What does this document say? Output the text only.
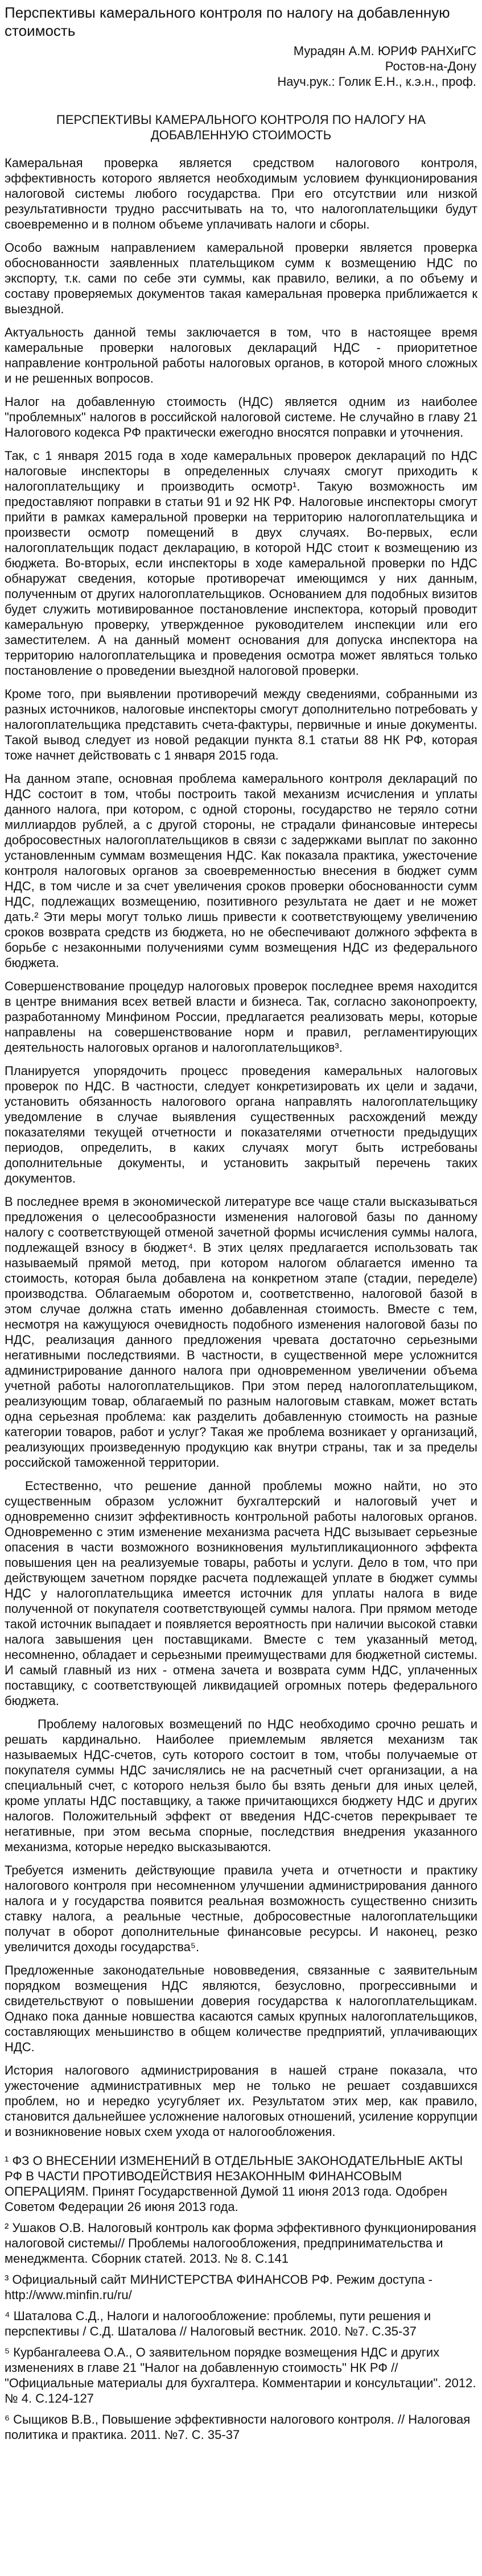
Перспективы камерального контроля по налогу на добавленную стоимость

Мурадян А.М. ЮРИФ РАНХиГС

Ростов-на-Дону

Науч.рук.: Голик Е.Н., к.э.н., проф.

ПЕРСПЕКТИВЫ КАМЕРАЛЬНОГО КОНТРОЛЯ ПО НАЛОГУ НА ДОБАВЛЕННУЮ СТОИМОСТЬ

Камеральная проверка является средством налогового контроля, эффективность которого является необходимым условием функционирования налоговой системы любого государства. При его отсутствии или низкой результативности трудно рассчитывать на то, что налогоплательщики будут своевременно и в полном объеме уплачивать налоги и сборы.

Особо важным направлением камеральной проверки является проверка обоснованности заявленных плательщиком сумм к возмещению НДС по экспорту, т.к. сами по себе эти суммы, как правило, велики, а по объему и составу проверяемых документов такая камеральная проверка приближается к выездной.

Актуальность данной темы заключается в том, что в настоящее время камеральные проверки налоговых деклараций НДС - приоритетное направление контрольной работы налоговых органов, в которой много сложных и не решенных вопросов.

Налог на добавленную стоимость (НДС) является одним из наиболее "проблемных" налогов в российской налоговой системе. Не случайно в главу 21 Налогового кодекса РФ практически ежегодно вносятся поправки и уточнения.

Так, с 1 января 2015 года в ходе камеральных проверок деклараций по НДС налоговые инспекторы в определенных случаях смогут приходить к налогоплательщику и производить осмотр¹. Такую возможность им предоставляют поправки в статьи 91 и 92 НК РФ. Налоговые инспекторы смогут прийти в рамках камеральной проверки на территорию налогоплательщика и произвести осмотр помещений в двух случаях. Во-первых, если налогоплательщик подаст декларацию, в которой НДС стоит к возмещению из бюджета. Во-вторых, если инспекторы в ходе камеральной проверки по НДС обнаружат сведения, которые противоречат имеющимся у них данным, полученным от других налогоплательщиков. Основанием для подобных визитов будет служить мотивированное постановление инспектора, который проводит камеральную проверку, утвержденное руководителем инспекции или его заместителем. А на данный момент основания для допуска инспектора на территорию налогоплательщика и проведения осмотра может являться только постановление о проведении выездной налоговой проверки.

Кроме того, при выявлении противоречий между сведениями, собранными из разных источников, налоговые инспекторы смогут дополнительно потребовать у налогоплательщика представить счета-фактуры, первичные и иные документы. Такой вывод следует из новой редакции пункта 8.1 статьи 88 НК РФ, которая тоже начнет действовать с 1 января 2015 года.

На данном этапе, основная проблема камерального контроля деклараций по НДС состоит в том, чтобы построить такой механизм исчисления и уплаты данного налога, при котором, с одной стороны, государство не теряло сотни миллиардов рублей, а с другой стороны, не страдали финансовые интересы добросовестных налогоплательщиков в связи с задержками выплат по законно установленным суммам возмещения НДС. Как показала практика, ужесточение контроля налоговых органов за своевременностью внесения в бюджет сумм НДС, в том числе и за счет увеличения сроков проверки обоснованности сумм НДС, подлежащих возмещению, позитивного результата не дает и не может дать.² Эти меры могут только лишь привести к соответствующему увеличению сроков возврата средств из бюджета, но не обеспечивают должного эффекта в борьбе с незаконными получениями сумм возмещения НДС из федерального бюджета.

Совершенствование процедур налоговых проверок последнее время находится в центре внимания всех ветвей власти и бизнеса. Так, согласно законопроекту, разработанному Минфином России, предлагается реализовать меры, которые направлены на совершенствование норм и правил, регламентирующих деятельность налоговых органов и налогоплательщиков³.

Планируется упорядочить процесс проведения камеральных налоговых проверок по НДС. В частности, следует конкретизировать их цели и задачи, установить обязанность налогового органа направлять налогоплательщику уведомление в случае выявления существенных расхождений между показателями текущей отчетности и показателями отчетности предыдущих периодов, определить, в каких случаях могут быть истребованы дополнительные документы, и установить закрытый перечень таких документов.

В последнее время в экономической литературе все чаще стали высказываться предложения о целесообразности изменения налоговой базы по данному налогу с соответствующей отменой зачетной формы исчисления суммы налога, подлежащей взносу в бюджет⁴. В этих целях предлагается использовать так называемый прямой метод, при котором налогом облагается именно та стоимость, которая была добавлена на конкретном этапе (стадии, переделе) производства. Облагаемым оборотом и, соответственно, налоговой базой в этом случае должна стать именно добавленная стоимость. Вместе с тем, несмотря на кажущуюся очевидность подобного изменения налоговой базы по НДС, реализация данного предложения чревата достаточно серьезными негативными последствиями. В частности, в существенной мере усложнится администрирование данного налога при одновременном увеличении объема учетной работы налогоплательщиков. При этом перед налогоплательщиком, реализующим товар, облагаемый по разным налоговым ставкам, может встать одна серьезная проблема: как разделить добавленную стоимость на разные категории товаров, работ и услуг? Такая же проблема возникает у организаций, реализующих произведенную продукцию как внутри страны, так и за пределы российской таможенной территории.

Естественно, что решение данной проблемы можно найти, но это существенным образом усложнит бухгалтерский и налоговый учет и одновременно снизит эффективность контрольной работы налоговых органов. Одновременно с этим изменение механизма расчета НДС вызывает серьезные опасения в части возможного возникновения мультипликационного эффекта повышения цен на реализуемые товары, работы и услуги. Дело в том, что при действующем зачетном порядке расчета подлежащей уплате в бюджет суммы НДС у налогоплательщика имеется источник для уплаты налога в виде полученной от покупателя соответствующей суммы налога. При прямом методе такой источник выпадает и появляется вероятность при наличии высокой ставки налога завышения цен поставщиками. Вместе с тем указанный метод, несомненно, обладает и серьезными преимуществами для бюджетной системы. И самый главный из них - отмена зачета и возврата сумм НДС, уплаченных поставщику, с соответствующей ликвидацией огромных потерь федерального бюджета.

Проблему налоговых возмещений по НДС необходимо срочно решать и решать кардинально. Наиболее приемлемым является механизм так называемых НДС-счетов, суть которого состоит в том, чтобы получаемые от покупателя суммы НДС зачислялись не на расчетный счет организации, а на специальный счет, с которого нельзя было бы взять деньги для иных целей, кроме уплаты НДС поставщику, а также причитающихся бюджету НДС и других налогов. Положительный эффект от введения НДС-счетов перекрывает те негативные, при этом весьма спорные, последствия внедрения указанного механизма, которые нередко высказываются.

Требуется изменить действующие правила учета и отчетности и практику налогового контроля при несомненном улучшении администрирования данного налога и у государства появится реальная возможность существенно снизить ставку налога, а реальные честные, добросовестные налогоплательщики получат в оборот дополнительные финансовые ресурсы. И наконец, резко увеличится доходы государства⁵.

Предложенные законодательные нововведения, связанные с заявительным порядком возмещения НДС являются, безусловно, прогрессивными и свидетельствуют о повышении доверия государства к налогоплательщикам. Однако пока данные новшества касаются самых крупных налогоплательщиков, составляющих меньшинство в общем количестве предприятий, уплачивающих НДС.

История налогового администрирования в нашей стране показала, что ужесточение административных мер не только не решает создавшихся проблем, но и нередко усугубляет их. Результатом этих мер, как правило, становится дальнейшее усложнение налоговых отношений, усиление коррупции и возникновение новых схем ухода от налогообложения.

¹ ФЗ О ВНЕСЕНИИ ИЗМЕНЕНИЙ В ОТДЕЛЬНЫЕ ЗАКОНОДАТЕЛЬНЫЕ АКТЫ РФ В ЧАСТИ ПРОТИВОДЕЙСТВИЯ НЕЗАКОННЫМ ФИНАНСОВЫМ ОПЕРАЦИЯМ. Принят Государственной Думой 11 июня 2013 года. Одобрен Советом Федерации 26 июня 2013 года.

² Ушаков О.В. Налоговый контроль как форма эффективного функционирования налоговой системы// Проблемы налогообложения, предпринимательства и менеджмента. Сборник статей. 2013. № 8. С.141

³ Официальный сайт МИНИСТЕРСТВА ФИНАНСОВ РФ. Режим доступа - http://www.minfin.ru/ru/

⁴ Шаталова С.Д., Налоги и налогообложение: проблемы, пути решения и перспективы / С.Д. Шаталова // Налоговый вестник. 2010. №7. С.35-37

⁵ Курбангалеева О.А., О заявительном порядке возмещения НДС и других изменениях в главе 21 "Налог на добавленную стоимость" НК РФ // "Официальные материалы для бухгалтера. Комментарии и консультации". 2012. № 4. С.124-127

⁶ Сыщиков В.В., Повышение эффективности налогового контроля. // Налоговая политика и практика. 2011. №7. С. 35-37
